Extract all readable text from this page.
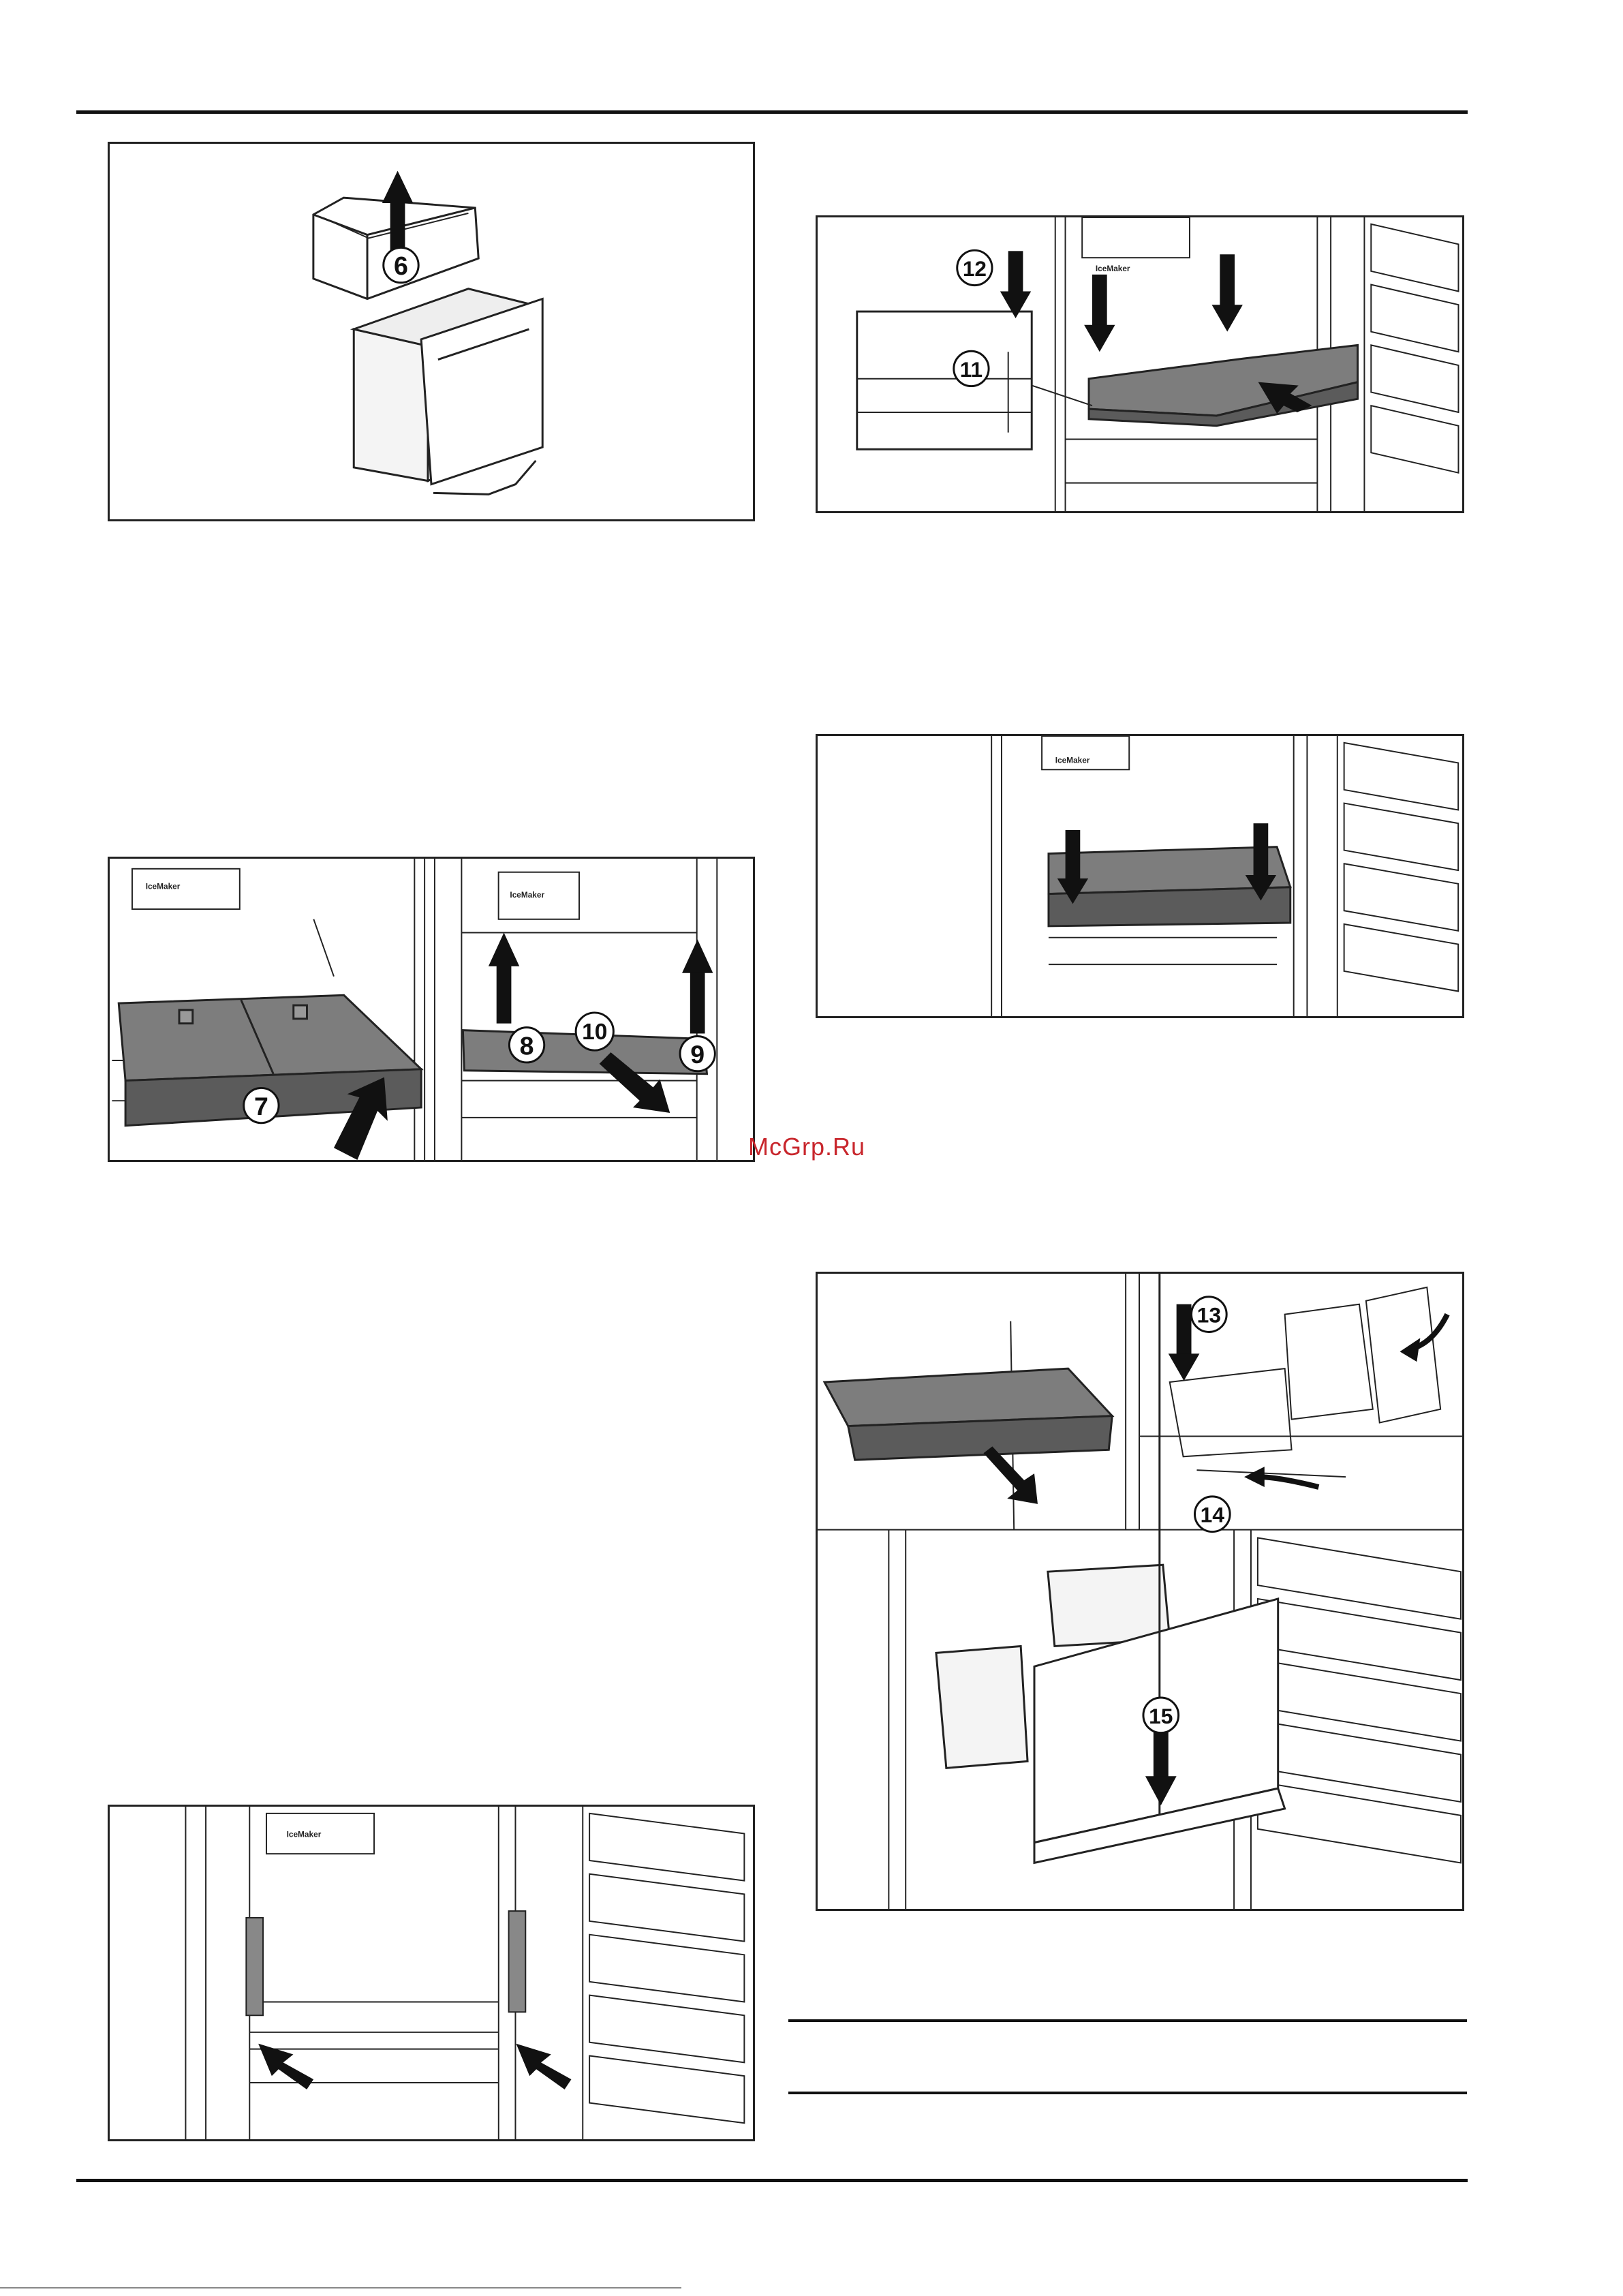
6
IceMaker
7
IceMaker
8 10
9
IceMaker
IceMaker
11
12
IceMaker
McGrp.Ru
13
14
15
